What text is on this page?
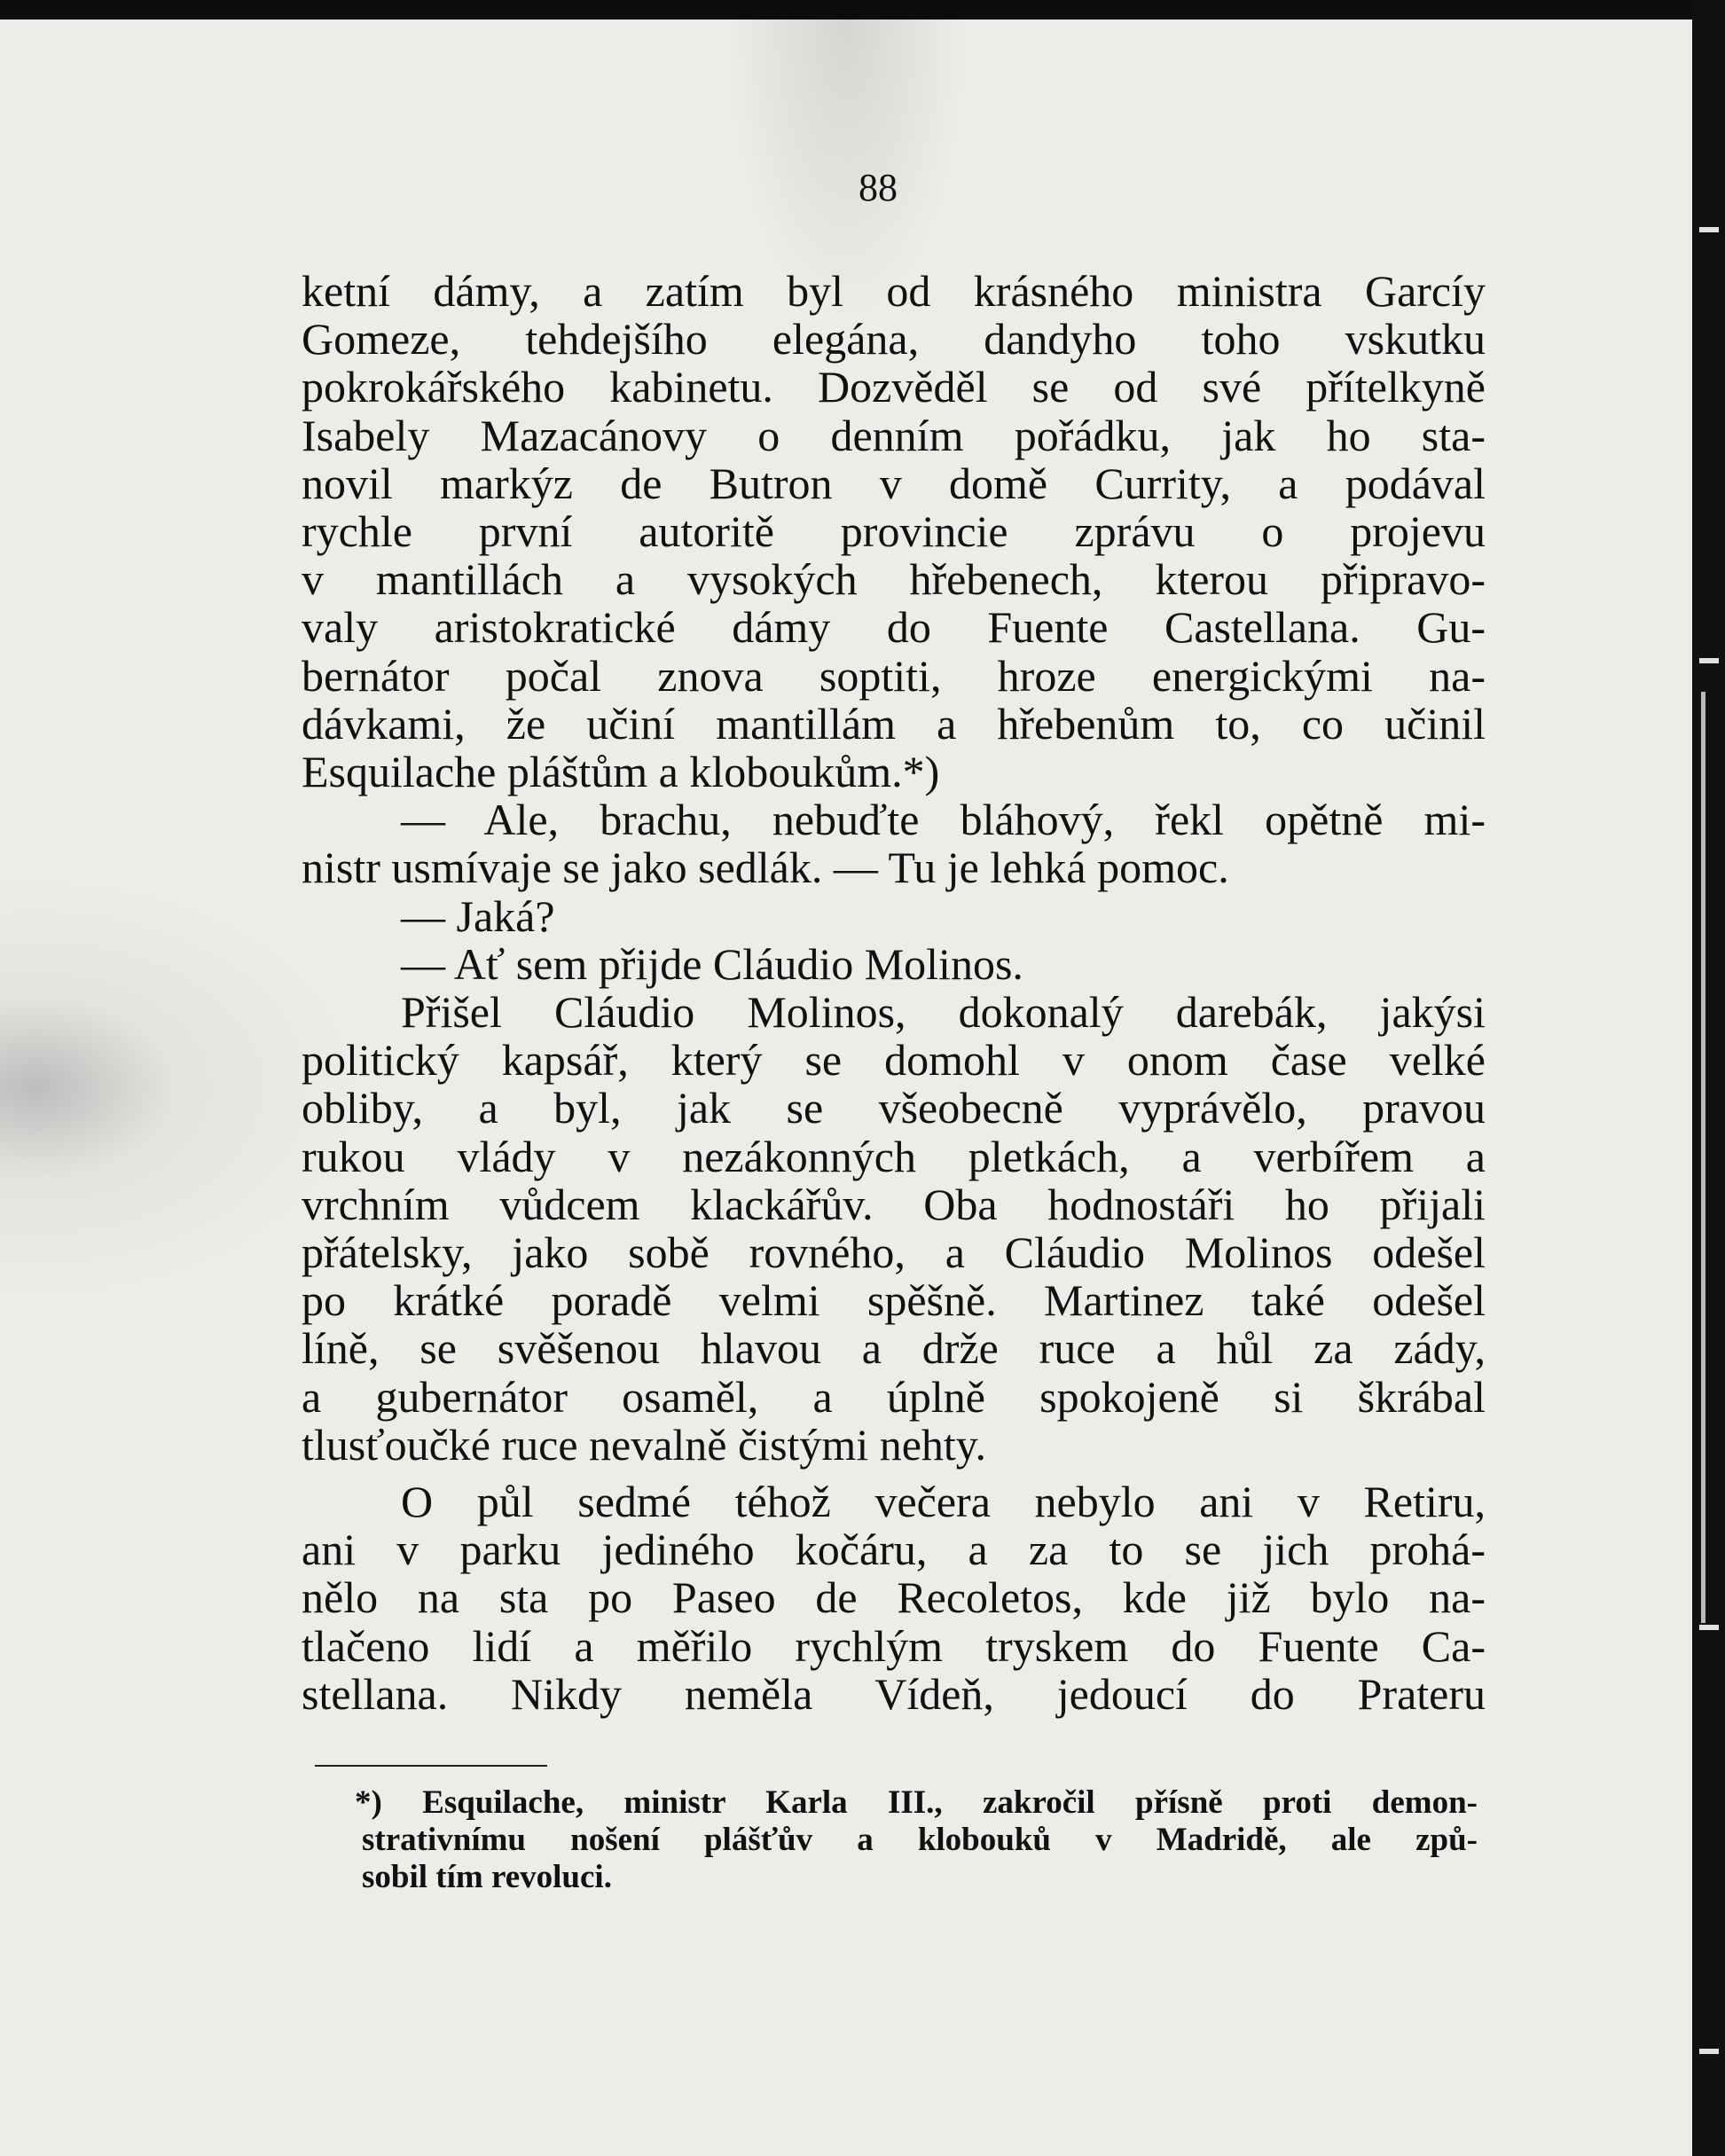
88
ketní dámy, a zatím byl od krásného ministra Garcíy
Gomeze, tehdejšího elegána, dandyho toho vskutku
pokrokářského kabinetu. Dozvěděl se od své přítelkyně
Isabely Mazacánovy o denním pořádku, jak ho sta-
novil markýz de Butron v domě Currity, a podával
rychle první autoritě provincie zprávu o projevu
v mantillách a vysokých hřebenech, kterou připravo-
valy aristokratické dámy do Fuente Castellana. Gu-
bernátor počal znova soptiti, hroze energickými na-
dávkami, že učiní mantillám a hřebenům to, co učinil
Esquilache pláštům a kloboukům.*)
— Ale, brachu, nebuďte bláhový, řekl opětně mi-
nistr usmívaje se jako sedlák. — Tu je lehká pomoc.
— Jaká?
— Ať sem přijde Cláudio Molinos.
Přišel Cláudio Molinos, dokonalý darebák, jakýsi
politický kapsář, který se domohl v onom čase velké
obliby, a byl, jak se všeobecně vyprávělo, pravou
rukou vlády v nezákonných pletkách, a verbířem a
vrchním vůdcem klackářův. Oba hodnostáři ho přijali
přátelsky, jako sobě rovného, a Cláudio Molinos odešel
po krátké poradě velmi spěšně. Martinez také odešel
líně, se svěšenou hlavou a drže ruce a hůl za zády,
a gubernátor osaměl, a úplně spokojeně si škrábal
tlusťoučké ruce nevalně čistými nehty.
O půl sedmé téhož večera nebylo ani v Retiru,
ani v parku jediného kočáru, a za to se jich prohá-
nělo na sta po Paseo de Recoletos, kde již bylo na-
tlačeno lidí a měřilo rychlým tryskem do Fuente Ca-
stellana. Nikdy neměla Vídeň, jedoucí do Prateru
*) Esquilache, ministr Karla III., zakročil přísně proti demon-
strativnímu nošení plášťův a klobouků v Madridě, ale způ-
sobil tím revoluci.
